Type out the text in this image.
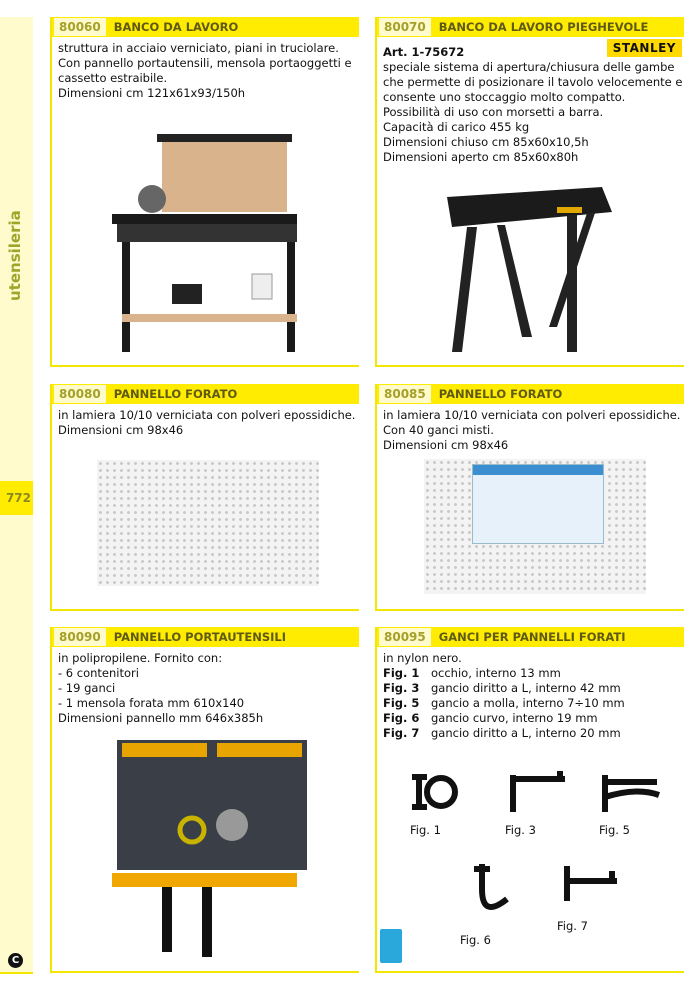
utensileria
772
C
80060	BANCO DA LAVORO
struttura in acciaio verniciato, piani in truciolare.
Con pannello portautensili, mensola portaoggetti e
cassetto estraibile.
Dimensioni cm 121x61x93/150h
80070	BANCO DA LAVORO PIEGHEVOLE
STANLEY
Art. 1-75672
speciale sistema di apertura/chiusura delle gambe
che permette di posizionare il tavolo velocemente e
consente uno stoccaggio molto compatto.
Possibilità di uso con morsetti a barra.
Capacità di carico 455 kg
Dimensioni chiuso cm 85x60x10,5h
Dimensioni aperto cm 85x60x80h
80080	PANNELLO FORATO
in lamiera 10/10 verniciata con polveri epossidiche.
Dimensioni cm 98x46
80085	PANNELLO FORATO
in lamiera 10/10 verniciata con polveri epossidiche.
Con 40 ganci misti.
Dimensioni cm 98x46
80090	PANNELLO PORTAUTENSILI
in polipropilene. Fornito con:
- 6 contenitori
- 19 ganci
- 1 mensola forata mm 610x140
Dimensioni pannello mm 646x385h
80095	GANCI PER PANNELLI FORATI
in nylon nero.
Fig. 1	occhio, interno 13 mm
Fig. 3	gancio diritto a L, interno 42 mm
Fig. 5	gancio a molla, interno 7÷10 mm
Fig. 6	gancio curvo, interno 19 mm
Fig. 7	gancio diritto a L, interno 20 mm
Fig. 1	Fig. 3	Fig. 5
Fig. 6
Fig. 7
